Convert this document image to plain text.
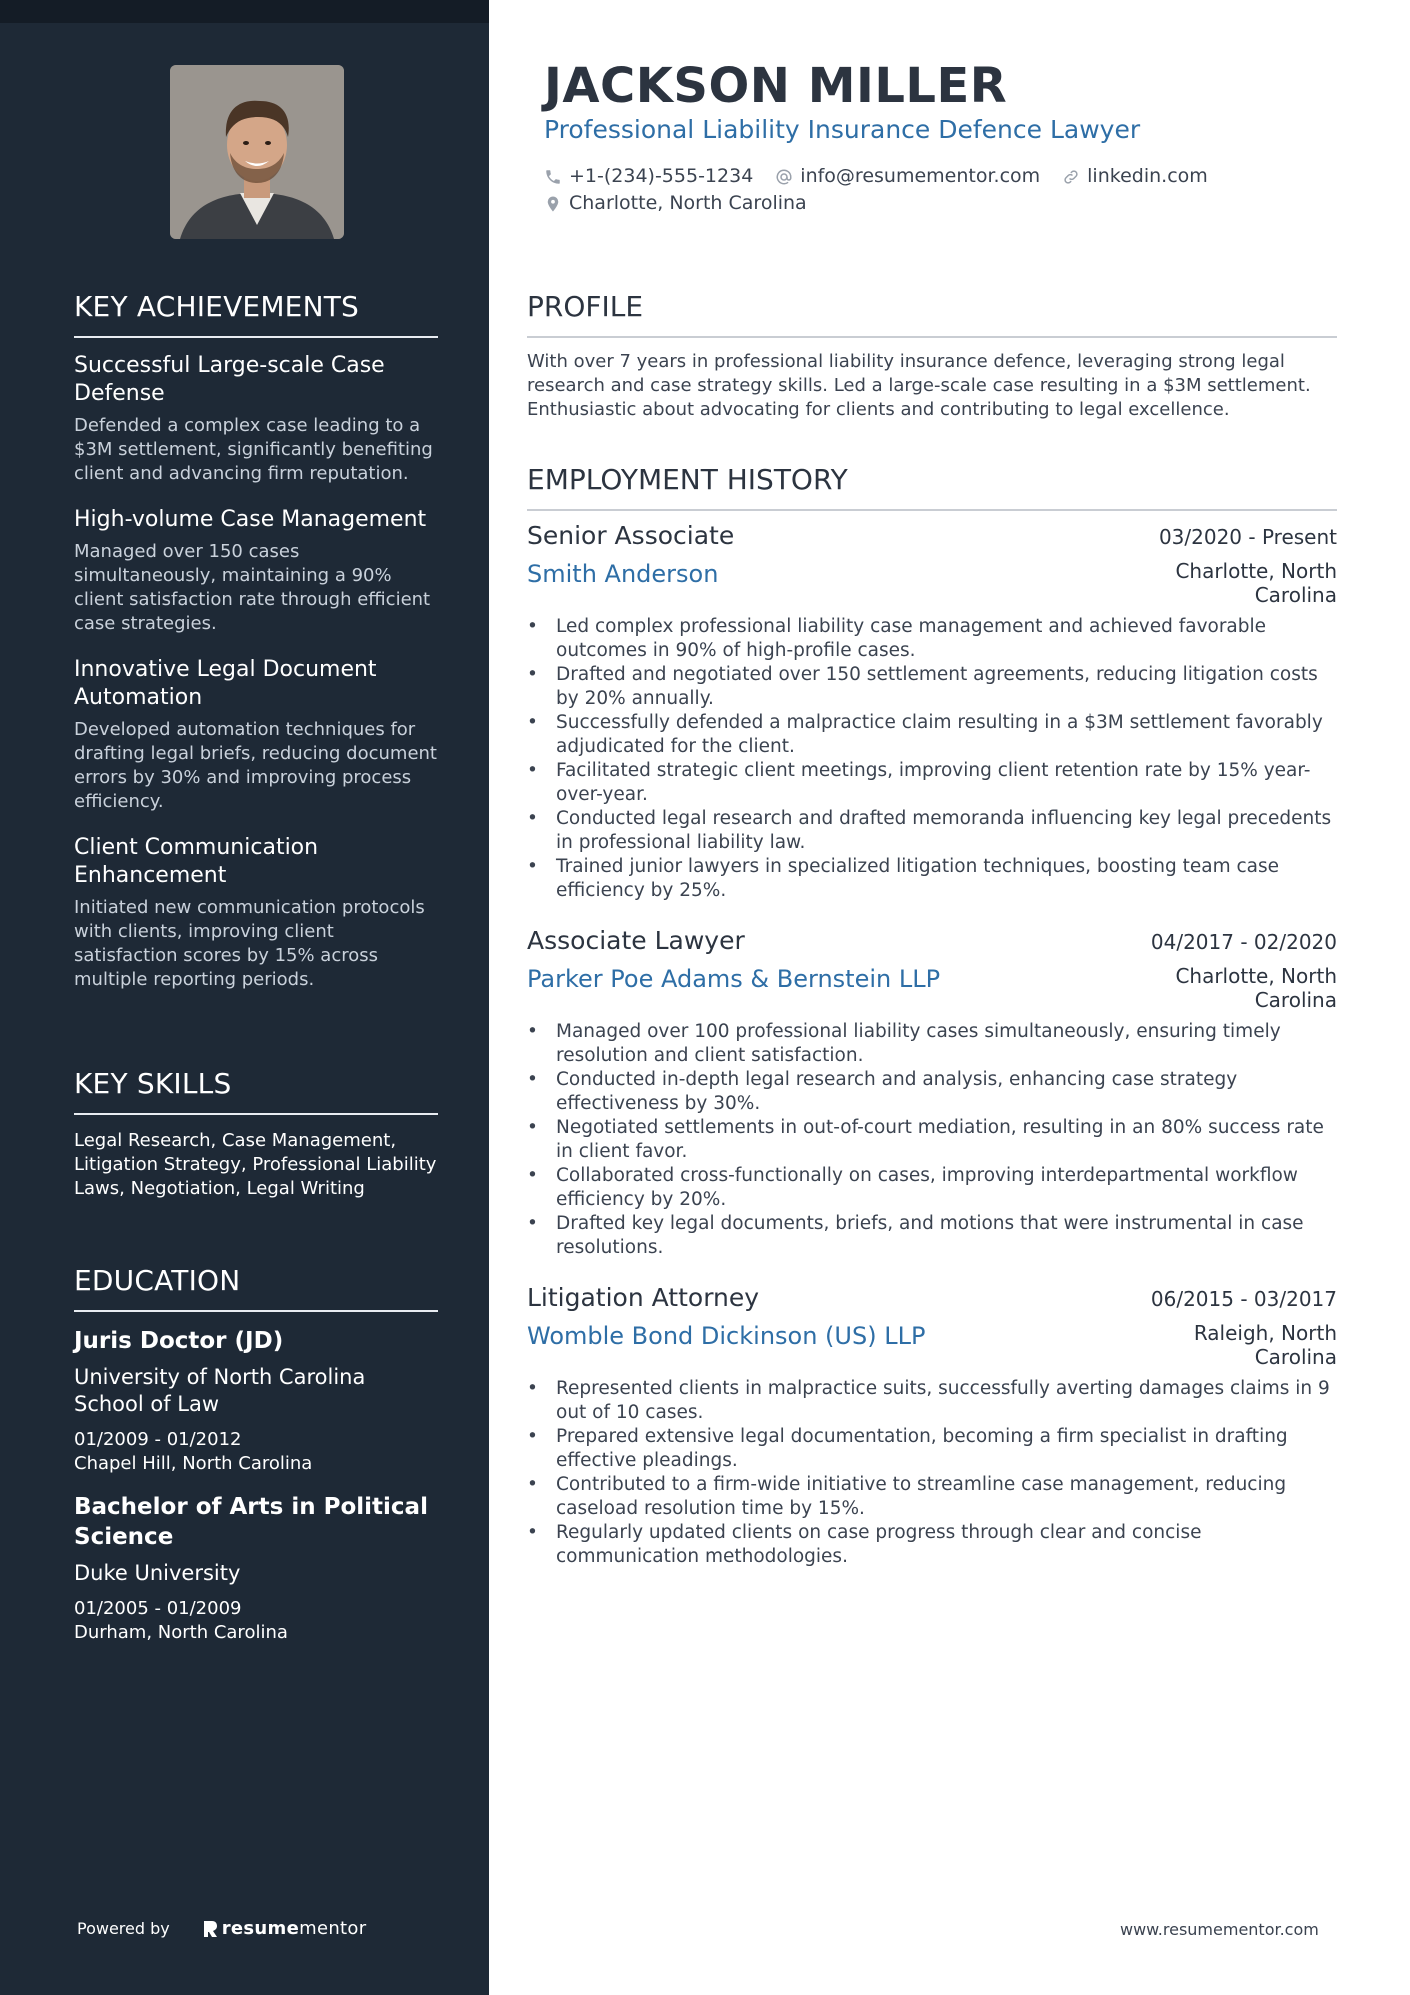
KEY ACHIEVEMENTS
Successful Large-scale Case Defense
Defended a complex case leading to a $3M settlement, significantly benefiting client and advancing firm reputation.
High-volume Case Management
Managed over 150 cases simultaneously, maintaining a 90% client satisfaction rate through efficient case strategies.
Innovative Legal Document Automation
Developed automation techniques for drafting legal briefs, reducing document errors by 30% and improving process efficiency.
Client Communication Enhancement
Initiated new communication protocols with clients, improving client satisfaction scores by 15% across multiple reporting periods.
KEY SKILLS
Legal Research, Case Management, Litigation Strategy, Professional Liability Laws, Negotiation, Legal Writing
EDUCATION
Juris Doctor (JD)
University of North Carolina School of Law
01/2009 - 01/2012
Chapel Hill, North Carolina
Bachelor of Arts in Political Science
Duke University
01/2005 - 01/2009
Durham, North Carolina
Powered by	resume mentor
JACKSON MILLER
Professional Liability Insurance Defence Lawyer
+1-(234)-555-1234 info@resumementor.com linkedin.com
Charlotte, North Carolina
PROFILE
With over 7 years in professional liability insurance defence, leveraging strong legal research and case strategy skills. Led a large-scale case resulting in a $3M settlement. Enthusiastic about advocating for clients and contributing to legal excellence.
EMPLOYMENT HISTORY
Senior Associate	03/2020 - Present
Smith Anderson	Charlotte, North Carolina
• Led complex professional liability case management and achieved favorable outcomes in 90% of high-profile cases.
• Drafted and negotiated over 150 settlement agreements, reducing litigation costs by 20% annually.
• Successfully defended a malpractice claim resulting in a $3M settlement favorably adjudicated for the client.
• Facilitated strategic client meetings, improving client retention rate by 15% year-over-year.
• Conducted legal research and drafted memoranda influencing key legal precedents in professional liability law.
• Trained junior lawyers in specialized litigation techniques, boosting team case efficiency by 25%.
Associate Lawyer	04/2017 - 02/2020
Parker Poe Adams & Bernstein LLP	Charlotte, North Carolina
• Managed over 100 professional liability cases simultaneously, ensuring timely resolution and client satisfaction.
• Conducted in-depth legal research and analysis, enhancing case strategy effectiveness by 30%.
• Negotiated settlements in out-of-court mediation, resulting in an 80% success rate in client favor.
• Collaborated cross-functionally on cases, improving interdepartmental workflow efficiency by 20%.
• Drafted key legal documents, briefs, and motions that were instrumental in case resolutions.
Litigation Attorney	06/2015 - 03/2017
Womble Bond Dickinson (US) LLP	Raleigh, North Carolina
• Represented clients in malpractice suits, successfully averting damages claims in 9 out of 10 cases.
• Prepared extensive legal documentation, becoming a firm specialist in drafting effective pleadings.
• Contributed to a firm-wide initiative to streamline case management, reducing caseload resolution time by 15%.
• Regularly updated clients on case progress through clear and concise communication methodologies.
www.resumementor.com
